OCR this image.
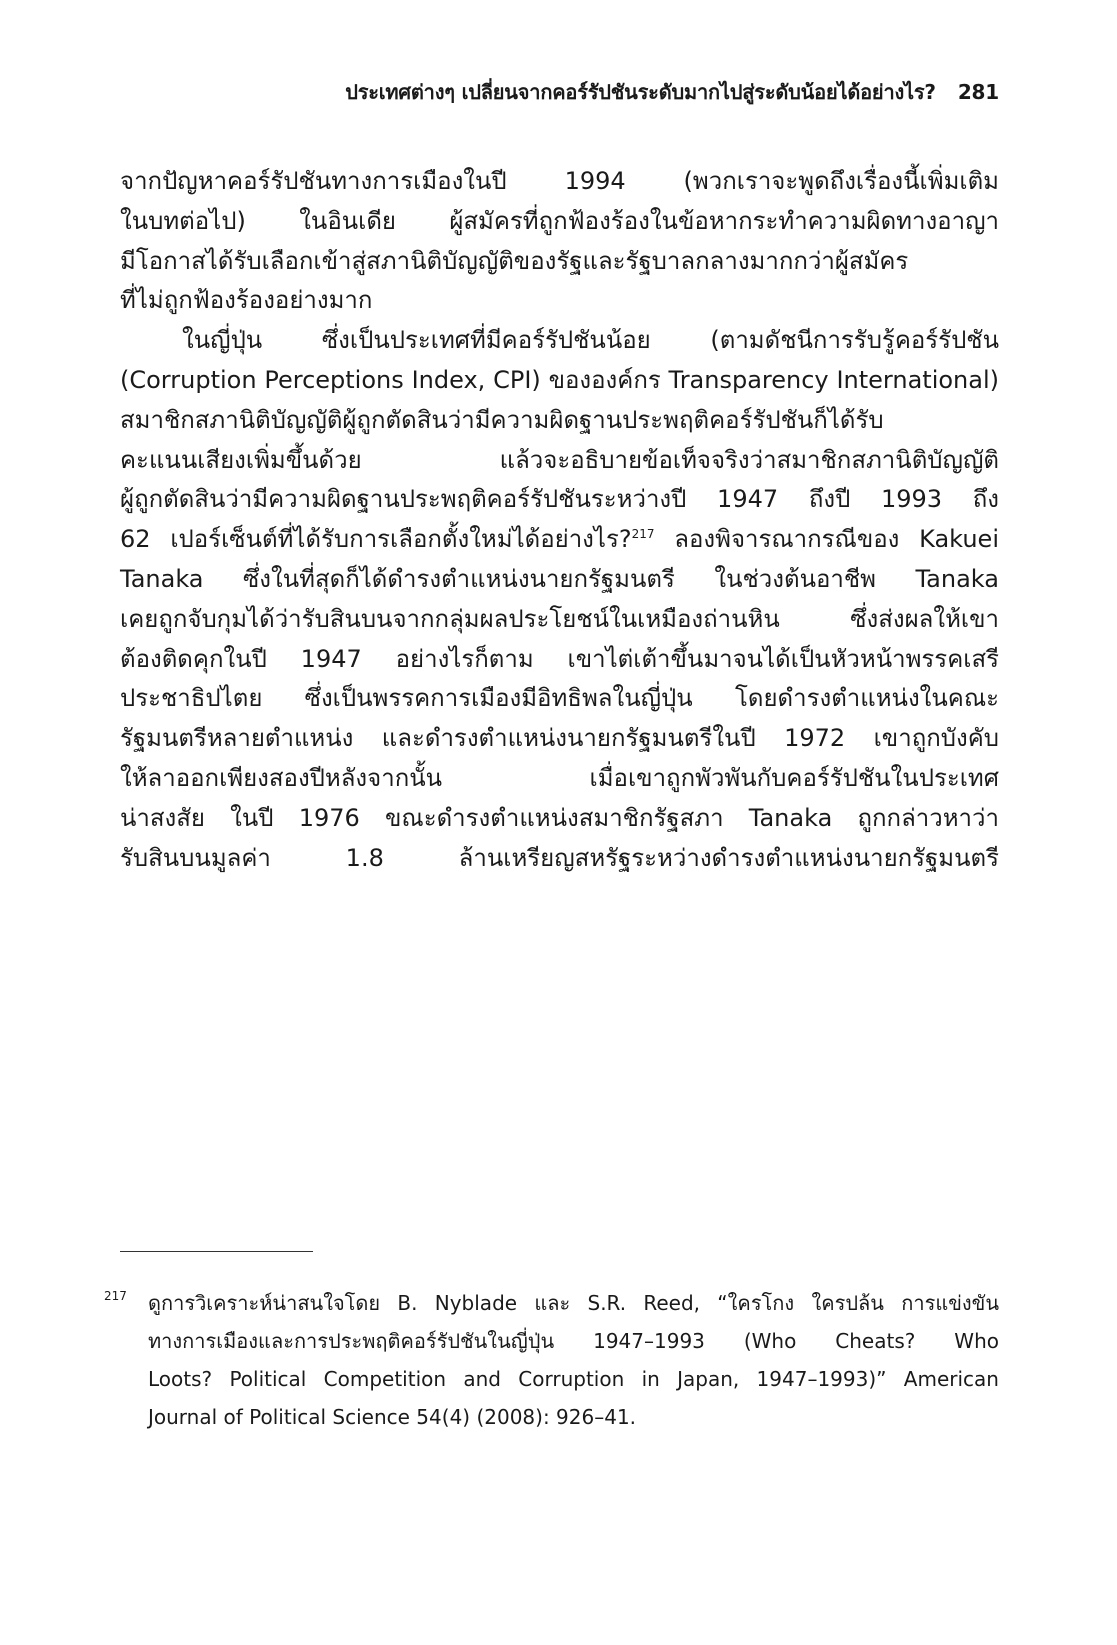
ประเทศต่างๆ เปลี่ยนจากคอร์รัปชันระดับมากไปสู่ระดับน้อยได้อย่างไร? 281

จากปัญหาคอร์รัปชันทางการเมืองในปี 1994 (พวกเราจะพูดถึงเรื่องนี้เพิ่มเติม
ในบทต่อไป) ในอินเดีย ผู้สมัครที่ถูกฟ้องร้องในข้อหากระทำความผิดทางอาญา
มีโอกาสได้รับเลือกเข้าสู่สภานิติบัญญัติของรัฐและรัฐบาลกลางมากกว่าผู้สมัคร
ที่ไม่ถูกฟ้องร้องอย่างมาก

ในญี่ปุ่น ซึ่งเป็นประเทศที่มีคอร์รัปชันน้อย (ตามดัชนีการรับรู้คอร์รัปชัน
(Corruption Perceptions Index, CPI) ขององค์กร Transparency International)
สมาชิกสภานิติบัญญัติผู้ถูกตัดสินว่ามีความผิดฐานประพฤติคอร์รัปชันก็ได้รับ
คะแนนเสียงเพิ่มขึ้นด้วย แล้วจะอธิบายข้อเท็จจริงว่าสมาชิกสภานิติบัญญัติ
ผู้ถูกตัดสินว่ามีความผิดฐานประพฤติคอร์รัปชันระหว่างปี 1947 ถึงปี 1993 ถึง
62 เปอร์เซ็นต์ที่ได้รับการเลือกตั้งใหม่ได้อย่างไร?$^{217}$ ลองพิจารณากรณีของ Kakuei
Tanaka ซึ่งในที่สุดก็ได้ดำรงตำแหน่งนายกรัฐมนตรี ในช่วงต้นอาชีพ Tanaka
เคยถูกจับกุมได้ว่ารับสินบนจากกลุ่มผลประโยชน์ในเหมืองถ่านหิน ซึ่งส่งผลให้เขา
ต้องติดคุกในปี 1947 อย่างไรก็ตาม เขาไต่เต้าขึ้นมาจนได้เป็นหัวหน้าพรรคเสรี
ประชาธิปไตย ซึ่งเป็นพรรคการเมืองมีอิทธิพลในญี่ปุ่น โดยดำรงตำแหน่งในคณะ
รัฐมนตรีหลายตำแหน่ง และดำรงตำแหน่งนายกรัฐมนตรีในปี 1972 เขาถูกบังคับ
ให้ลาออกเพียงสองปีหลังจากนั้น เมื่อเขาถูกพัวพันกับคอร์รัปชันในประเทศ
น่าสงสัย ในปี 1976 ขณะดำรงตำแหน่งสมาชิกรัฐสภา Tanaka ถูกกล่าวหาว่า
รับสินบนมูลค่า 1.8 ล้านเหรียญสหรัฐระหว่างดำรงตำแหน่งนายกรัฐมนตรี

217	ดูการวิเคราะห์น่าสนใจโดย B. Nyblade และ S.R. Reed, “ใครโกง ใครปล้น การแข่งขัน
ทางการเมืองและการประพฤติคอร์รัปชันในญี่ปุ่น 1947–1993 (Who Cheats? Who
Loots? Political Competition and Corruption in Japan, 1947–1993)” American
Journal of Political Science 54(4) (2008): 926–41.
